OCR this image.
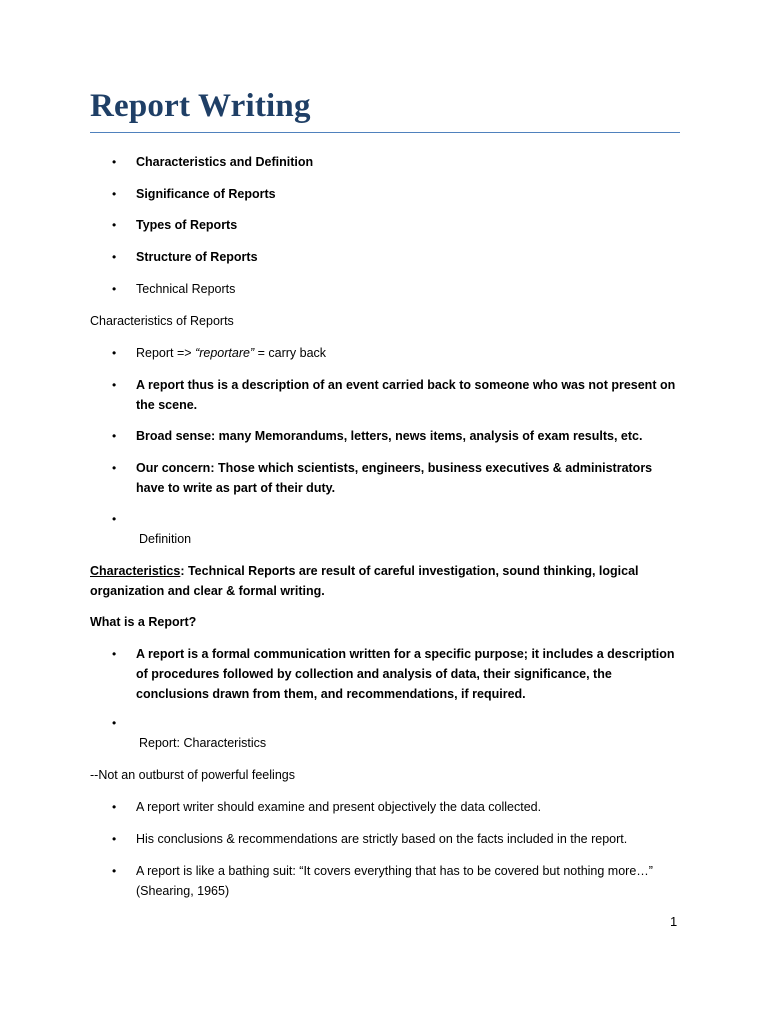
Report Writing
• Characteristics and Definition
• Significance of Reports
• Types of Reports
• Structure of Reports
• Technical Reports
Characteristics of Reports
• Report => “reportare” = carry back
• A report thus is a description of an event carried back to someone who was not present on the scene.
• Broad sense: many Memorandums, letters, news items, analysis of exam results, etc.
• Our concern: Those which scientists, engineers, business executives & administrators have to write as part of their duty.
•
Definition
Characteristics: Technical Reports are result of careful investigation, sound thinking, logical organization and clear & formal writing.
What is a Report?
• A report is a formal communication written for a specific purpose; it includes a description of procedures followed by collection and analysis of data, their significance, the conclusions drawn from them, and recommendations, if required.
•
Report: Characteristics
--Not an outburst of powerful feelings
• A report writer should examine and present objectively the data collected.
• His conclusions & recommendations are strictly based on the facts included in the report.
• A report is like a bathing suit: “It covers everything that has to be covered but nothing more…” (Shearing, 1965)
1
